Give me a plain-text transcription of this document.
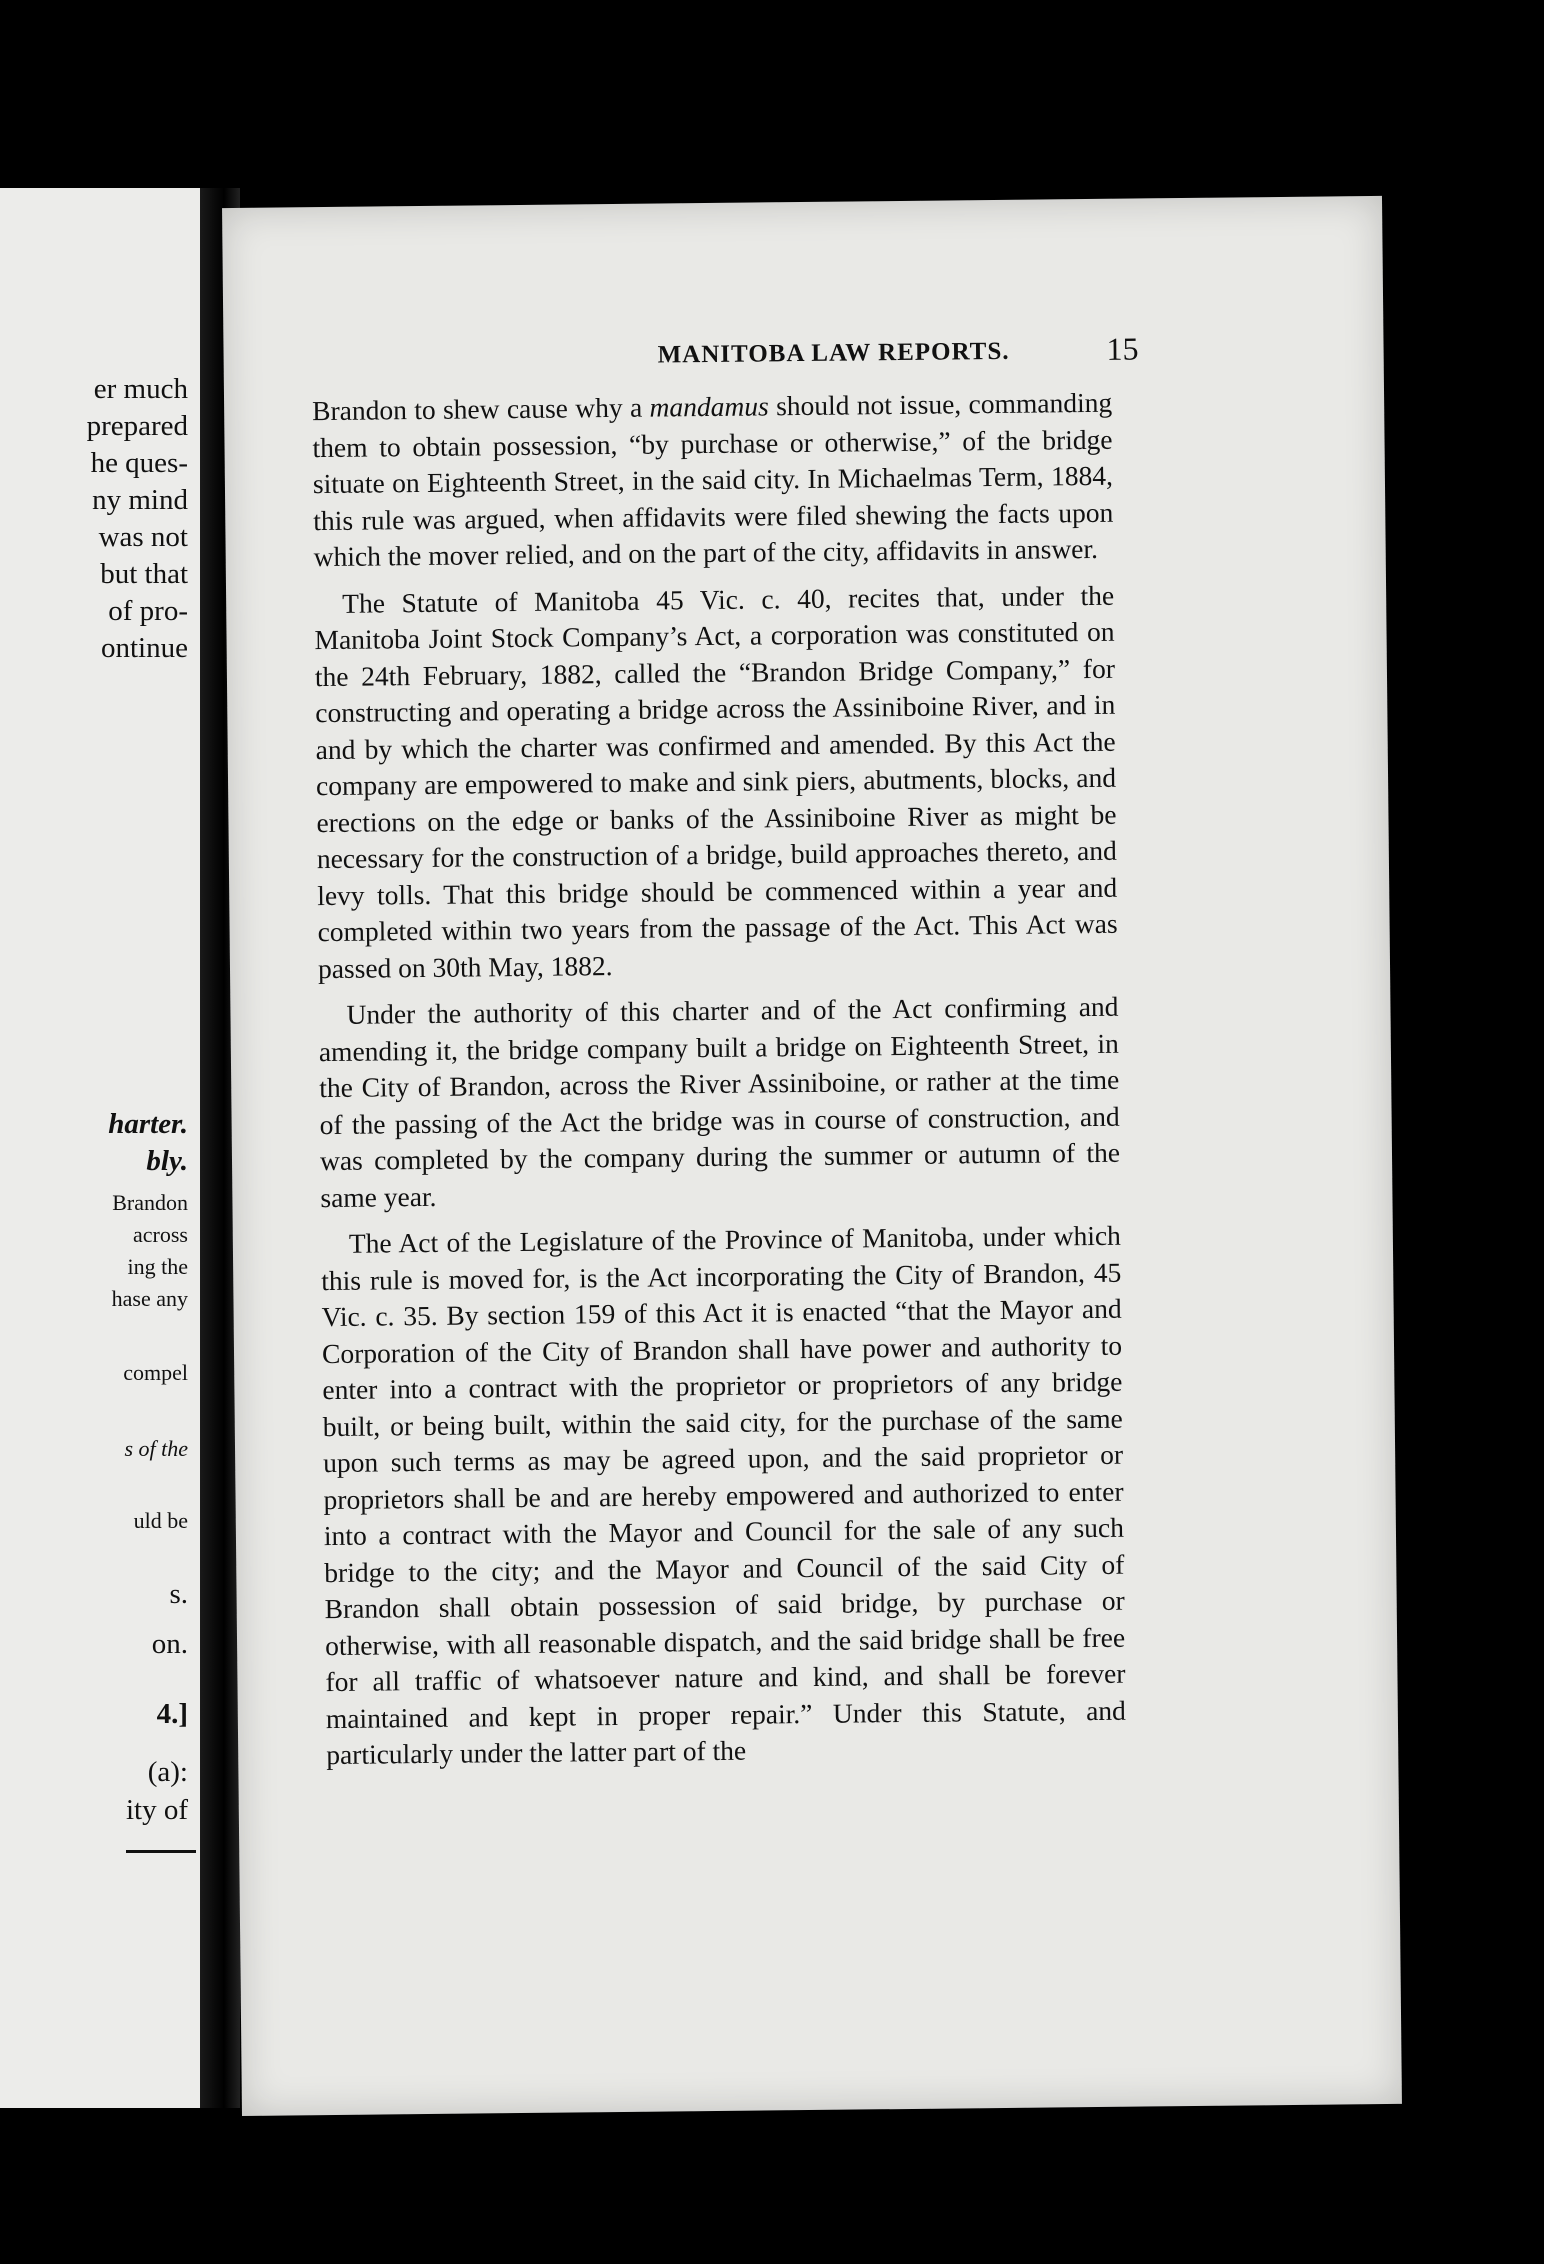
er much
prepared
he ques-
ny mind
was not
but that
of pro-
ontinue
harter.
bly.
Brandon
across
ing the
hase any
compel
s of the
uld be
s.
on.
4.]
(a):
ity of
MANITOBA LAW REPORTS.	15

Brandon to shew cause why a mandamus should not issue, commanding them to obtain possession, “by purchase or otherwise,” of the bridge situate on Eighteenth Street, in the said city. In Michaelmas Term, 1884, this rule was argued, when affidavits were filed shewing the facts upon which the mover relied, and on the part of the city, affidavits in answer.

The Statute of Manitoba 45 Vic. c. 40, recites that, under the Manitoba Joint Stock Company’s Act, a corporation was constituted on the 24th February, 1882, called the “Brandon Bridge Company,” for constructing and operating a bridge across the Assiniboine River, and in and by which the charter was confirmed and amended. By this Act the company are empowered to make and sink piers, abutments, blocks, and erections on the edge or banks of the Assiniboine River as might be necessary for the construction of a bridge, build approaches thereto, and levy tolls. That this bridge should be commenced within a year and completed within two years from the passage of the Act. This Act was passed on 30th May, 1882.

Under the authority of this charter and of the Act confirming and amending it, the bridge company built a bridge on Eighteenth Street, in the City of Brandon, across the River Assiniboine, or rather at the time of the passing of the Act the bridge was in course of construction, and was completed by the company during the summer or autumn of the same year.

The Act of the Legislature of the Province of Manitoba, under which this rule is moved for, is the Act incorporating the City of Brandon, 45 Vic. c. 35. By section 159 of this Act it is enacted “that the Mayor and Corporation of the City of Brandon shall have power and authority to enter into a contract with the proprietor or proprietors of any bridge built, or being built, within the said city, for the purchase of the same upon such terms as may be agreed upon, and the said proprietor or proprietors shall be and are hereby empowered and authorized to enter into a contract with the Mayor and Council for the sale of any such bridge to the city; and the Mayor and Council of the said City of Brandon shall obtain possession of said bridge, by purchase or otherwise, with all reasonable dispatch, and the said bridge shall be free for all traffic of whatsoever nature and kind, and shall be forever maintained and kept in proper repair.” Under this Statute, and particularly under the latter part of the
